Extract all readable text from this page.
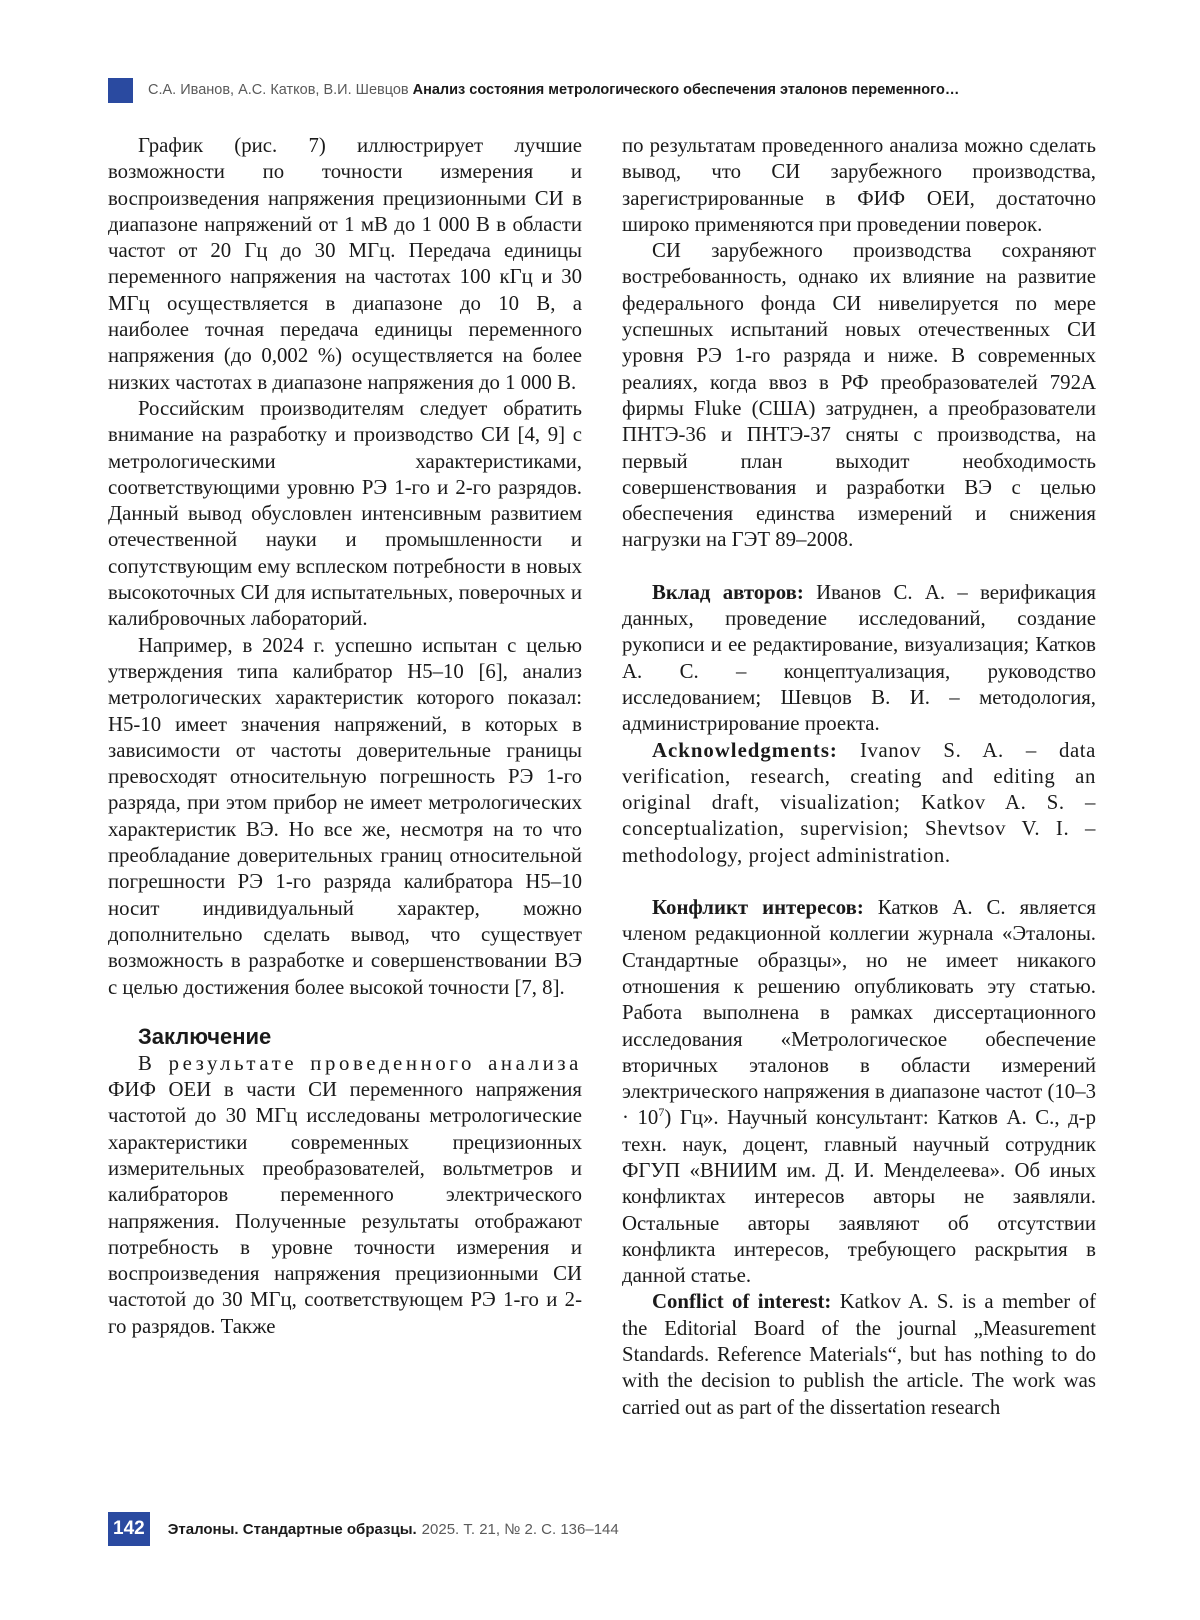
С.А. Иванов, А.С. Катков, В.И. Шевцов Анализ состояния метрологического обеспечения эталонов переменного…

График (рис. 7) иллюстрирует лучшие возможности по точности измерения и воспроизведения напряжения прецизионными СИ в диапазоне напряжений от 1 мВ до 1 000 В в области частот от 20 Гц до 30 МГц. Передача единицы переменного напряжения на частотах 100 кГц и 30 МГц осуществляется в диапазоне до 10 В, а наиболее точная передача единицы переменного напряжения (до 0,002 %) осуществляется на более низких частотах в диапазоне напряжения до 1 000 В.

Российским производителям следует обратить внимание на разработку и производство СИ [4, 9] с метрологическими характеристиками, соответствующими уровню РЭ 1-го и 2-го разрядов. Данный вывод обусловлен интенсивным развитием отечественной науки и промышленности и сопутствующим ему всплеском потребности в новых высокоточных СИ для испытательных, поверочных и калибровочных лабораторий.

Например, в 2024 г. успешно испытан с целью утверждения типа калибратор Н5–10 [6], анализ метрологических характеристик которого показал: Н5-10 имеет значения напряжений, в которых в зависимости от частоты доверительные границы превосходят относительную погрешность РЭ 1-го разряда, при этом прибор не имеет метрологических характеристик ВЭ. Но все же, несмотря на то что преобладание доверительных границ относительной погрешности РЭ 1-го разряда калибратора Н5–10 носит индивидуальный характер, можно дополнительно сделать вывод, что существует возможность в разработке и совершенствовании ВЭ с целью достижения более высокой точности [7, 8].

Заключение

В результате проведенного анализа ФИФ ОЕИ в части СИ переменного напряжения частотой до 30 МГц исследованы метрологические характеристики современных прецизионных измерительных преобразователей, вольтметров и калибраторов переменного электрического напряжения. Полученные результаты отображают потребность в уровне точности измерения и воспроизведения напряжения прецизионными СИ частотой до 30 МГц, соответствующем РЭ 1-го и 2-го разрядов. Также

по результатам проведенного анализа можно сделать вывод, что СИ зарубежного производства, зарегистрированные в ФИФ ОЕИ, достаточно широко применяются при проведении поверок.

СИ зарубежного производства сохраняют востребованность, однако их влияние на развитие федерального фонда СИ нивелируется по мере успешных испытаний новых отечественных СИ уровня РЭ 1-го разряда и ниже. В современных реалиях, когда ввоз в РФ преобразователей 792А фирмы Fluke (США) затруднен, а преобразователи ПНТЭ-36 и ПНТЭ-37 сняты с производства, на первый план выходит необходимость совершенствования и разработки ВЭ с целью обеспечения единства измерений и снижения нагрузки на ГЭТ 89–2008.

Вклад авторов: Иванов С. А. – верификация данных, проведение исследований, создание рукописи и ее редактирование, визуализация; Катков А. С. – концептуализация, руководство исследованием; Шевцов В. И. – методология, администрирование проекта.

Acknowledgments: Ivanov S. A. – data verification, research, creating and editing an original draft, visualization; Katkov A. S. – conceptualization, supervision; Shevtsov V. I. – methodology, project administration.

Конфликт интересов: Катков А. С. является членом редакционной коллегии журнала «Эталоны. Стандартные образцы», но не имеет никакого отношения к решению опубликовать эту статью. Работа выполнена в рамках диссертационного исследования «Метрологическое обеспечение вторичных эталонов в области измерений электрического напряжения в диапазоне частот $(10-3 \cdot 10^7)$ Гц». Научный консультант: Катков А. С., д-р техн. наук, доцент, главный научный сотрудник ФГУП «ВНИИМ им. Д. И. Менделеева». Об иных конфликтах интересов авторы не заявляли. Остальные авторы заявляют об отсутствии конфликта интересов, требующего раскрытия в данной статье.

Conflict of interest: Katkov A. S. is a member of the Editorial Board of the journal „Measurement Standards. Reference Materials“, but has nothing to do with the decision to publish the article. The work was carried out as part of the dissertation research

142	Эталоны. Стандартные образцы. 2025. Т. 21, № 2. С. 136–144
